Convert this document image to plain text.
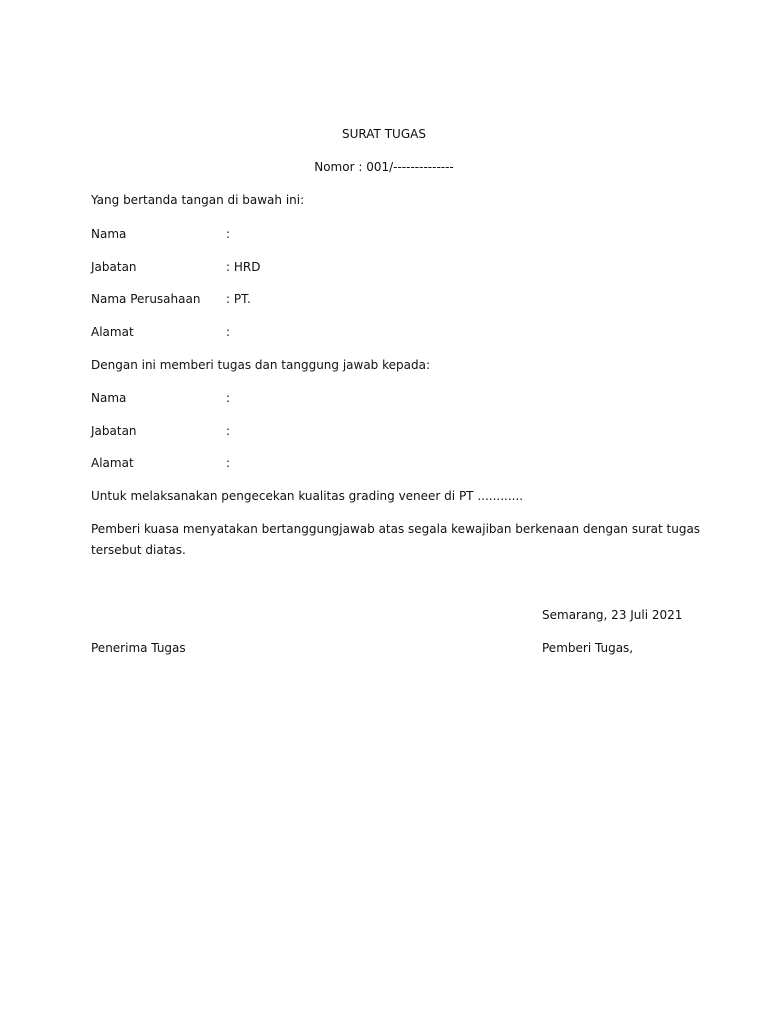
SURAT TUGAS
Nomor : 001/--------------
Yang bertanda tangan di bawah ini:
Nama	:
Jabatan	: HRD
Nama Perusahaan : PT.
Alamat	:
Dengan ini memberi tugas dan tanggung jawab kepada:
Nama	:
Jabatan	:
Alamat	:
Untuk melaksanakan pengecekan kualitas grading veneer di PT ............
Pemberi kuasa menyatakan bertanggungjawab atas segala kewajiban berkenaan dengan surat tugas
tersebut diatas.
Semarang, 23 Juli 2021
Penerima Tugas	Pemberi Tugas,
